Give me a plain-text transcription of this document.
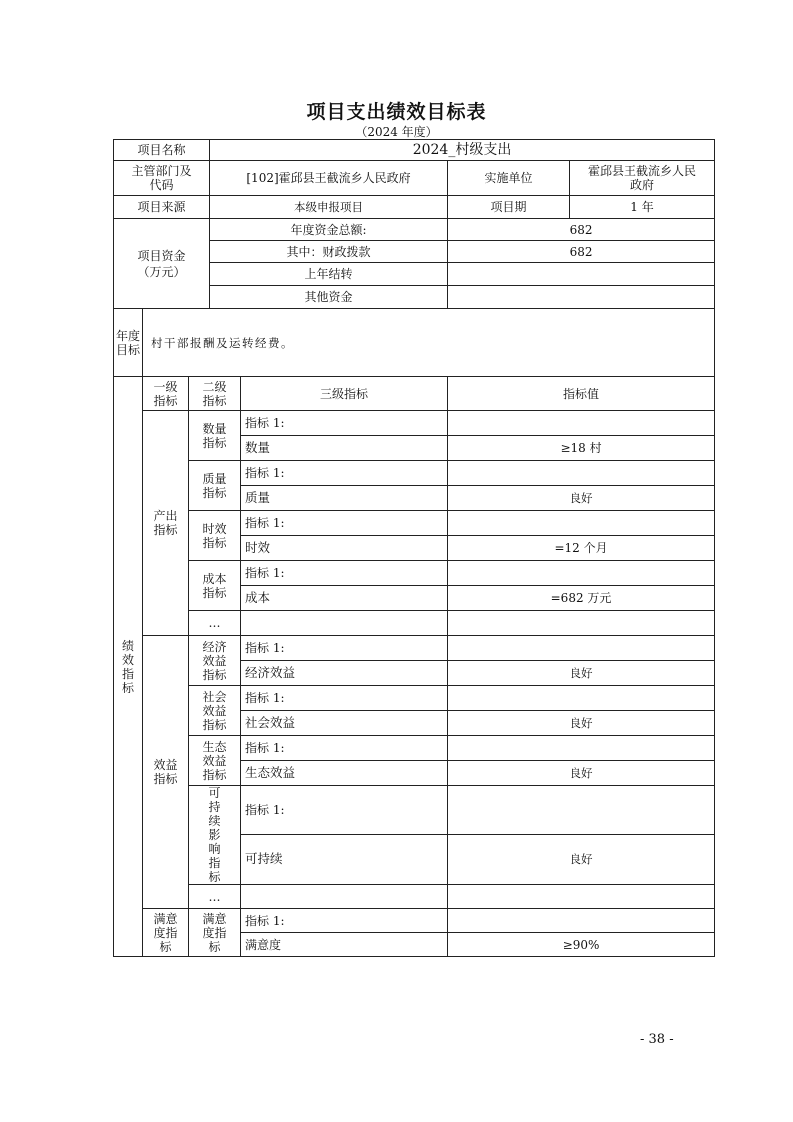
项目支出绩效目标表
（2024 年度）
项目名称			2024_村级支出		
主管部门及代码			[102]霍邱县王截流乡人民政府		实施单位 霍邱县王截流乡人民政府

项目来源			本级申报项目		项目期 1 年

项目资金（万元）			年度资金总额:		682
			其中：财政拨款		682
			上年结转		
			其他资金		
年度目标	村干部报酬及运转经费。				
绩效指标	一级指标	二级指标		三级指标	指标值
	产出指标	数量指标		指标 1:	
				数量	≥18 村
		质量指标		指标 1:	
				质量	良好
		时效指标		指标 1:	
				时效	=12 个月
		成本指标		指标 1:	
				成本	=682 万元
		…			
	效益指标	经济效益指标		指标 1:	
				经济效益	良好
		社会效益指标		指标 1:	
				社会效益	良好
		生态效益指标		指标 1:	
				生态效益	良好
		可持续影响指标		指标 1:	
				可持续	良好
		…			
	满意度指标	满意度指标		指标 1:	
				满意度	≥90%
- 38 -
